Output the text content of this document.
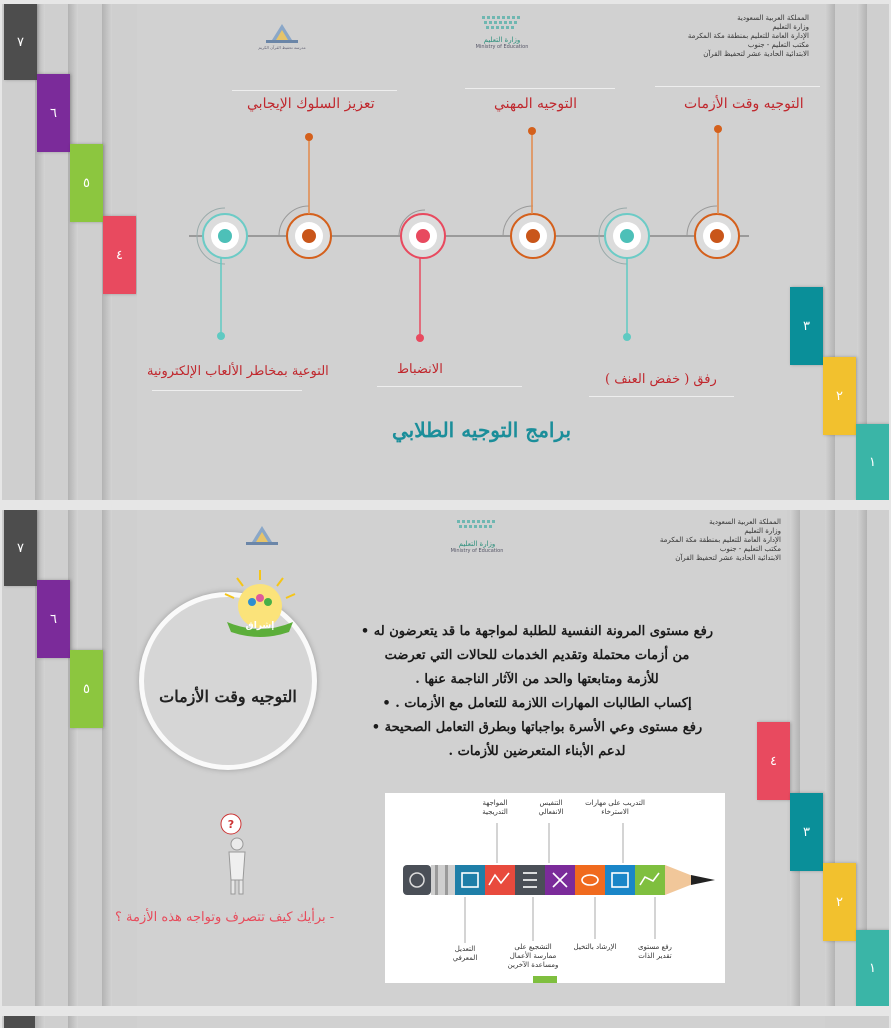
٧
٦
٥
٤
مدرسة تحفيظ القرآن الكريم
وزارة التعليم
Ministry of Education
المملكة العربية السعودية
وزارة التعليم
الإدارة العامة للتعليم بمنطقة مكة المكرمة
مكتب التعليم - جنوب
الابتدائية الحادية عشر لتحفيظ القرآن
تعزيز السلوك الإيجابي	التوجيه المهني	التوجيه وقت الأزمات
التوعية بمخاطر الألعاب الإلكترونية	الانضباط
رفق ( خفض العنف )
برامج التوجيه الطلابي
٣
٢
١
٧
٦
٥
وزارة التعليم
Ministry of Education
المملكة العربية السعودية
وزارة التعليم
الإدارة العامة للتعليم بمنطقة مكة المكرمة
مكتب التعليم - جنوب
الابتدائية الحادية عشر لتحفيظ القرآن
التوجيه وقت الأزمات
إشراق	رفع مستوى المرونة النفسية للطلبة لمواجهة ما قد يتعرضون له •

من أزمات محتملة وتقديم الخدمات للحالات التي تعرضت

للأزمة ومتابعتها والحد من الآثار الناجمة عنها .

إكساب الطالبات المهارات اللازمة للتعامل مع الأزمات . •

رفع مستوى وعي الأسرة بواجباتها وبطرق التعامل الصحيحة •

لدعم الأبناء المتعرضين للأزمات .

?
- برأيك كيف تتصرف وتواجه هذه الأزمة ؟
المواجهة التدريجية
التنفيس الانفعالي
التدريب على مهارات الاسترخاء
التعديل المعرفي
التشجيع على ممارسة الأعمال ومساعدة الآخرين
الإرشاد بالتخيل	رفع مستوى تقدير الذات
٤
٣
٢
١
